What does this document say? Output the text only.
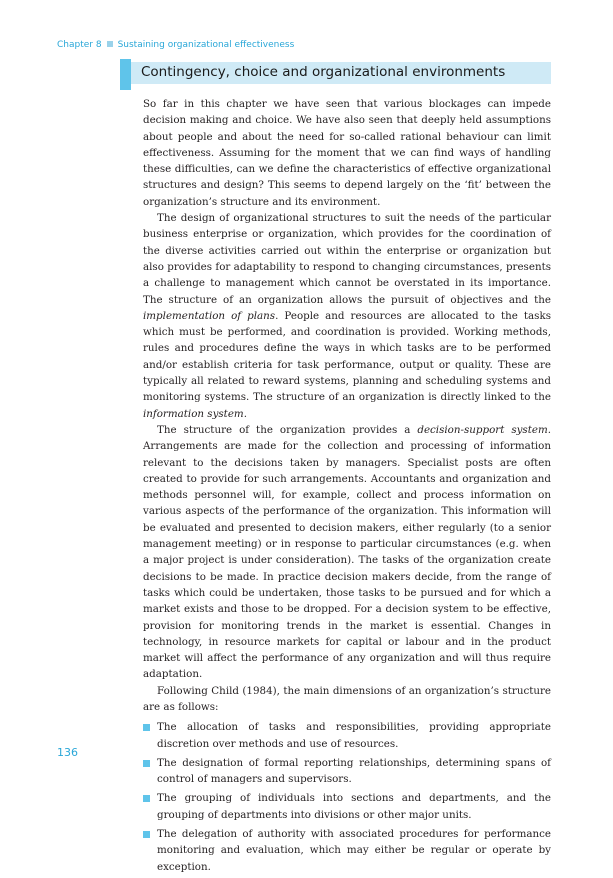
Chapter 8 Sustaining organizational effectiveness
Contingency, choice and organizational environments

So far in this chapter we have seen that various blockages can impede decision making and choice. We have also seen that deeply held assumptions about people and about the need for so-called rational behaviour can limit effectiveness. Assuming for the moment that we can find ways of handling these difficulties, can we define the characteristics of effective organizational structures and design? This seems to depend largely on the ‘fit’ between the organization’s structure and its environment.

The design of organizational structures to suit the needs of the particular business enterprise or organization, which provides for the coordination of the diverse activities carried out within the enterprise or organization but also provides for adaptability to respond to changing circumstances, presents a challenge to management which cannot be overstated in its importance. The structure of an organization allows the pursuit of objectives and the implementation of plans. People and resources are allocated to the tasks which must be performed, and coordination is provided. Working methods, rules and procedures define the ways in which tasks are to be performed and/or establish criteria for task performance, output or quality. These are typically all related to reward systems, planning and scheduling systems and monitoring systems. The structure of an organization is directly linked to the information system.

The structure of the organization provides a decision-support system. Arrangements are made for the collection and processing of information relevant to the decisions taken by managers. Specialist posts are often created to provide for such arrangements. Accountants and organization and methods personnel will, for example, collect and process information on various aspects of the performance of the organization. This information will be evaluated and presented to decision makers, either regularly (to a senior management meeting) or in response to particular circumstances (e.g. when a major project is under consideration). The tasks of the organization create decisions to be made. In practice decision makers decide, from the range of tasks which could be undertaken, those tasks to be pursued and for which a market exists and those to be dropped. For a decision system to be effective, provision for monitoring trends in the market is essential. Changes in technology, in resource markets for capital or labour and in the product market will affect the performance of any organization and will thus require adaptation.

Following Child (1984), the main dimensions of an organization’s structure are as follows:

The allocation of tasks and responsibilities, providing appropriate discretion over methods and use of resources.
The designation of formal reporting relationships, determining spans of control of managers and supervisors.
The grouping of individuals into sections and departments, and the grouping of departments into divisions or other major units.
The delegation of authority with associated procedures for performance monitoring and evaluation, which may either be regular or operate by exception.
136
